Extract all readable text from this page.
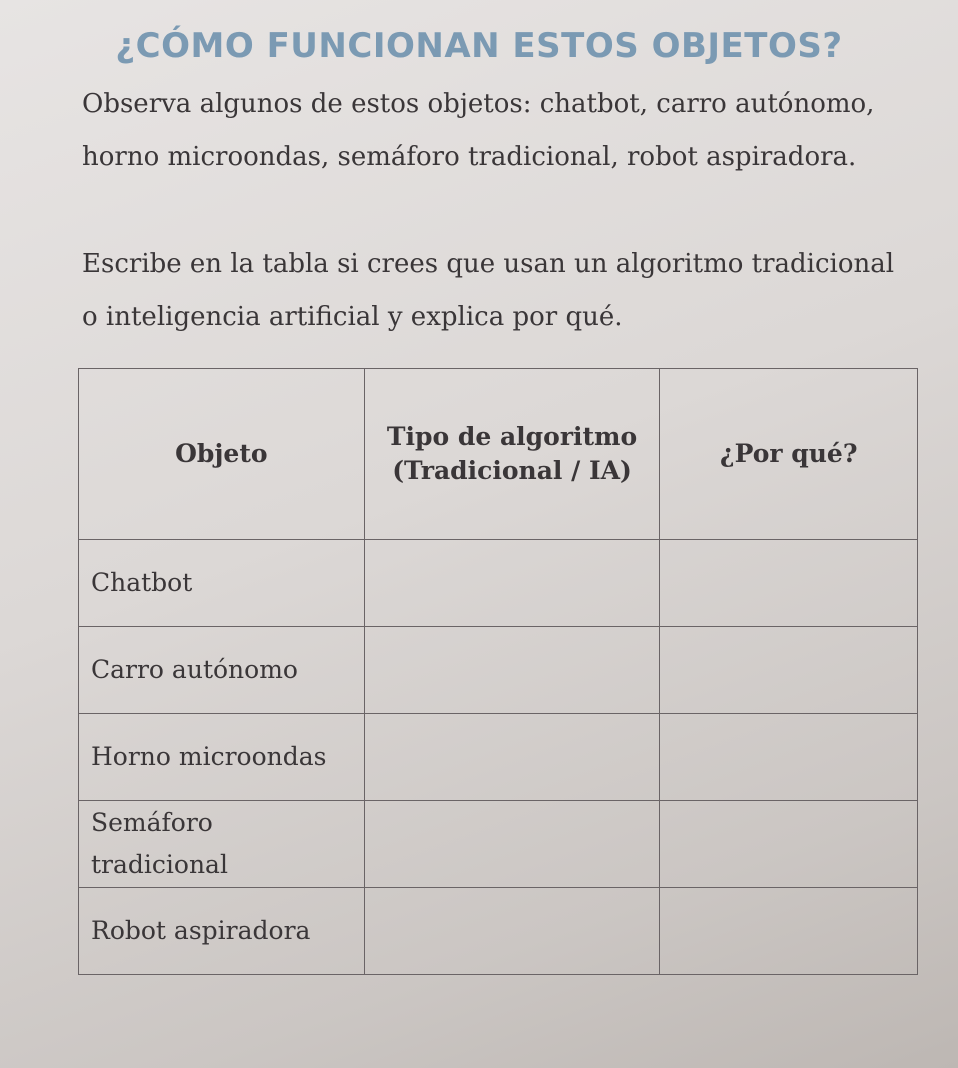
¿CÓMO FUNCIONAN ESTOS OBJETOS?
Observa algunos de estos objetos: chatbot, carro autónomo, horno microondas, semáforo tradicional, robot aspiradora.
Escribe en la tabla si crees que usan un algoritmo tradicional o inteligencia artificial y explica por qué.
Objeto	Tipo de algoritmo (Tradicional / IA)	¿Por qué?
Chatbot		
Carro autónomo		
Horno microondas		
Semáforo tradicional		
Robot aspiradora		
